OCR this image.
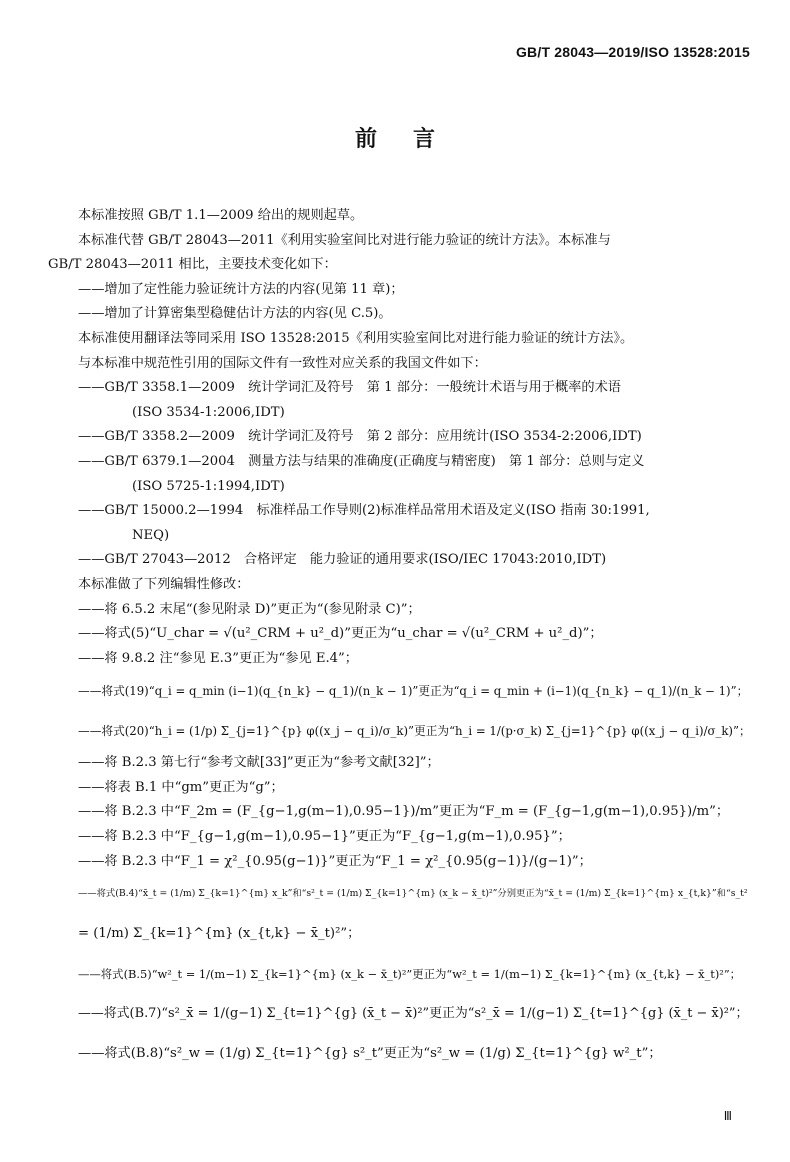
GB/T 28043—2019/ISO 13528:2015
前言

本标准按照 GB/T 1.1—2009 给出的规则起草。

本标准代替 GB/T 28043—2011《利用实验室间比对进行能力验证的统计方法》。本标准与

GB/T 28043—2011 相比，主要技术变化如下：

——增加了定性能力验证统计方法的内容(见第 11 章)；

——增加了计算密集型稳健估计方法的内容(见 C.5)。

本标准使用翻译法等同采用 ISO 13528:2015《利用实验室间比对进行能力验证的统计方法》。

与本标准中规范性引用的国际文件有一致性对应关系的我国文件如下：

——GB/T 3358.1—2009　统计学词汇及符号　第 1 部分：一般统计术语与用于概率的术语

(ISO 3534-1:2006,IDT)

——GB/T 3358.2—2009　统计学词汇及符号　第 2 部分：应用统计(ISO 3534-2:2006,IDT)

——GB/T 6379.1—2004　测量方法与结果的准确度(正确度与精密度)　第 1 部分：总则与定义

(ISO 5725-1:1994,IDT)

——GB/T 15000.2—1994　标准样品工作导则(2)标准样品常用术语及定义(ISO 指南 30:1991,

NEQ)

——GB/T 27043—2012　合格评定　能力验证的通用要求(ISO/IEC 17043:2010,IDT)

本标准做了下列编辑性修改：

——将 6.5.2 末尾“(参见附录 D)”更正为“(参见附录 C)”；

——将式(5)“U_char = √(u²_CRM + u²_d)”更正为“u_char = √(u²_CRM + u²_d)”；

——将 9.8.2 注“参见 E.3”更正为“参见 E.4”；

——将式(19)“q_i = q_min (i−1)(q_{n_k} − q_1)/(n_k − 1)”更正为“q_i = q_min + (i−1)(q_{n_k} − q_1)/(n_k − 1)”；

——将式(20)“h_i = (1/p) Σ_{j=1}^{p} φ((x_j − q_i)/σ_k)”更正为“h_i = 1/(p·σ_k) Σ_{j=1}^{p} φ((x_j − q_i)/σ_k)”；

——将 B.2.3 第七行“参考文献[33]”更正为“参考文献[32]”；

——将表 B.1 中“gm”更正为“g”；

——将 B.2.3 中“F_2m = (F_{g−1,g(m−1),0.95−1})/m”更正为“F_m = (F_{g−1,g(m−1),0.95})/m”；

——将 B.2.3 中“F_{g−1,g(m−1),0.95−1}”更正为“F_{g−1,g(m−1),0.95}”；

——将 B.2.3 中“F_1 = χ²_{0.95(g−1)}”更正为“F_1 = χ²_{0.95(g−1)}/(g−1)”；

——将式(B.4)“x̄_t = (1/m) Σ_{k=1}^{m} x_k”和“s²_t = (1/m) Σ_{k=1}^{m} (x_k − x̄_t)²”分别更正为“x̄_t = (1/m) Σ_{k=1}^{m} x_{t,k}”和“s_t²

= (1/m) Σ_{k=1}^{m} (x_{t,k} − x̄_t)²”；

——将式(B.5)“w²_t = 1/(m−1) Σ_{k=1}^{m} (x_k − x̄_t)²”更正为“w²_t = 1/(m−1) Σ_{k=1}^{m} (x_{t,k} − x̄_t)²”；

——将式(B.7)“s²_x̄ = 1/(g−1) Σ_{t=1}^{g} (x̄_t − x̄)²”更正为“s²_x̄ = 1/(g−1) Σ_{t=1}^{g} (x̄_t − x̄)²”；

——将式(B.8)“s²_w = (1/g) Σ_{t=1}^{g} s²_t”更正为“s²_w = (1/g) Σ_{t=1}^{g} w²_t”；

Ⅲ
